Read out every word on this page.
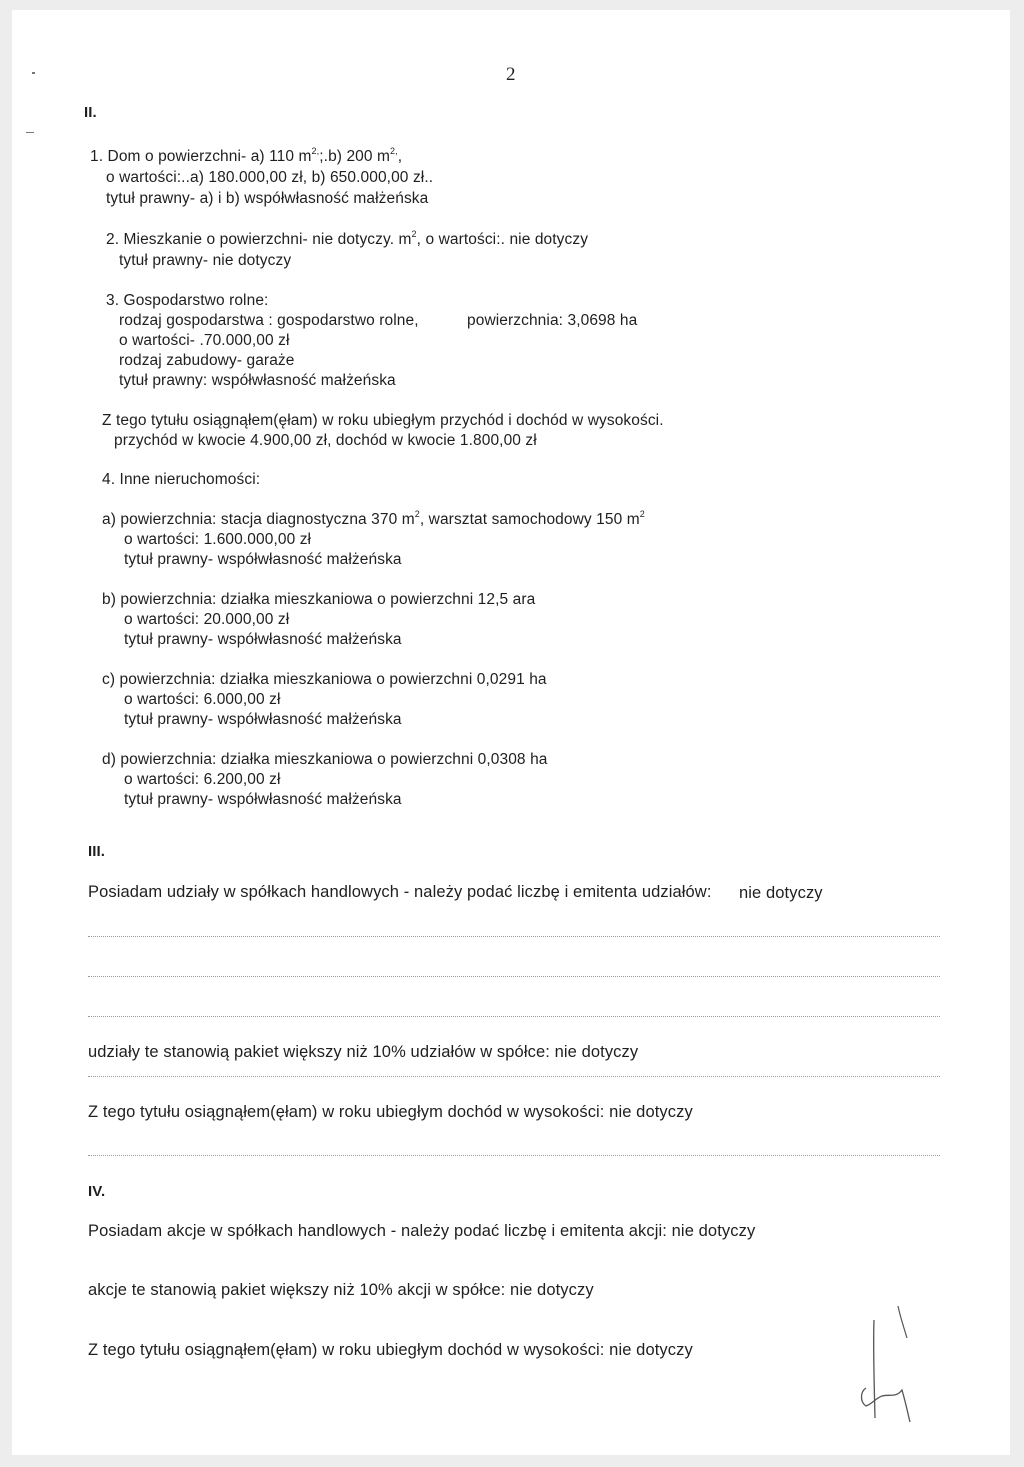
2
II.
1. Dom o powierzchni- a) 110 $m^{2,};.b$) 200 $m^{2,}$,
o wartości:..a) 180.000,00 zł, b) 650.000,00 zł..
tytuł prawny- a) i b) współwłasność małżeńska
2. Mieszkanie o powierzchni- nie dotyczy. $m^2$, o wartości:. nie dotyczy
tytuł prawny- nie dotyczy
3. Gospodarstwo rolne:
rodzaj gospodarstwa : gospodarstwo rolne,	powierzchnia: 3,0698 ha
o wartości- .70.000,00 zł
rodzaj zabudowy- garaże
tytuł prawny: współwłasność małżeńska
Z tego tytułu osiągnąłem(ęłam) w roku ubiegłym przychód i dochód w wysokości.
przychód w kwocie 4.900,00 zł, dochód w kwocie 1.800,00 zł
4. Inne nieruchomości:
a) powierzchnia: stacja diagnostyczna 370 $m^2$, warsztat samochodowy 150 $m^2$
o wartości: 1.600.000,00 zł
tytuł prawny- współwłasność małżeńska
b) powierzchnia: działka mieszkaniowa o powierzchni 12,5 ara
o wartości: 20.000,00 zł
tytuł prawny- współwłasność małżeńska
c) powierzchnia: działka mieszkaniowa o powierzchni 0,0291 ha
o wartości: 6.000,00 zł
tytuł prawny- współwłasność małżeńska
d) powierzchnia: działka mieszkaniowa o powierzchni 0,0308 ha
o wartości: 6.200,00 zł
tytuł prawny- współwłasność małżeńska
III.
Posiadam udziały w spółkach handlowych - należy podać liczbę i emitenta udziałów: nie dotyczy
udziały te stanowią pakiet większy niż 10% udziałów w spółce: nie dotyczy
Z tego tytułu osiągnąłem(ęłam) w roku ubiegłym dochód w wysokości: nie dotyczy
IV.
Posiadam akcje w spółkach handlowych - należy podać liczbę i emitenta akcji: nie dotyczy
akcje te stanowią pakiet większy niż 10% akcji w spółce: nie dotyczy
Z tego tytułu osiągnąłem(ęłam) w roku ubiegłym dochód w wysokości: nie dotyczy
